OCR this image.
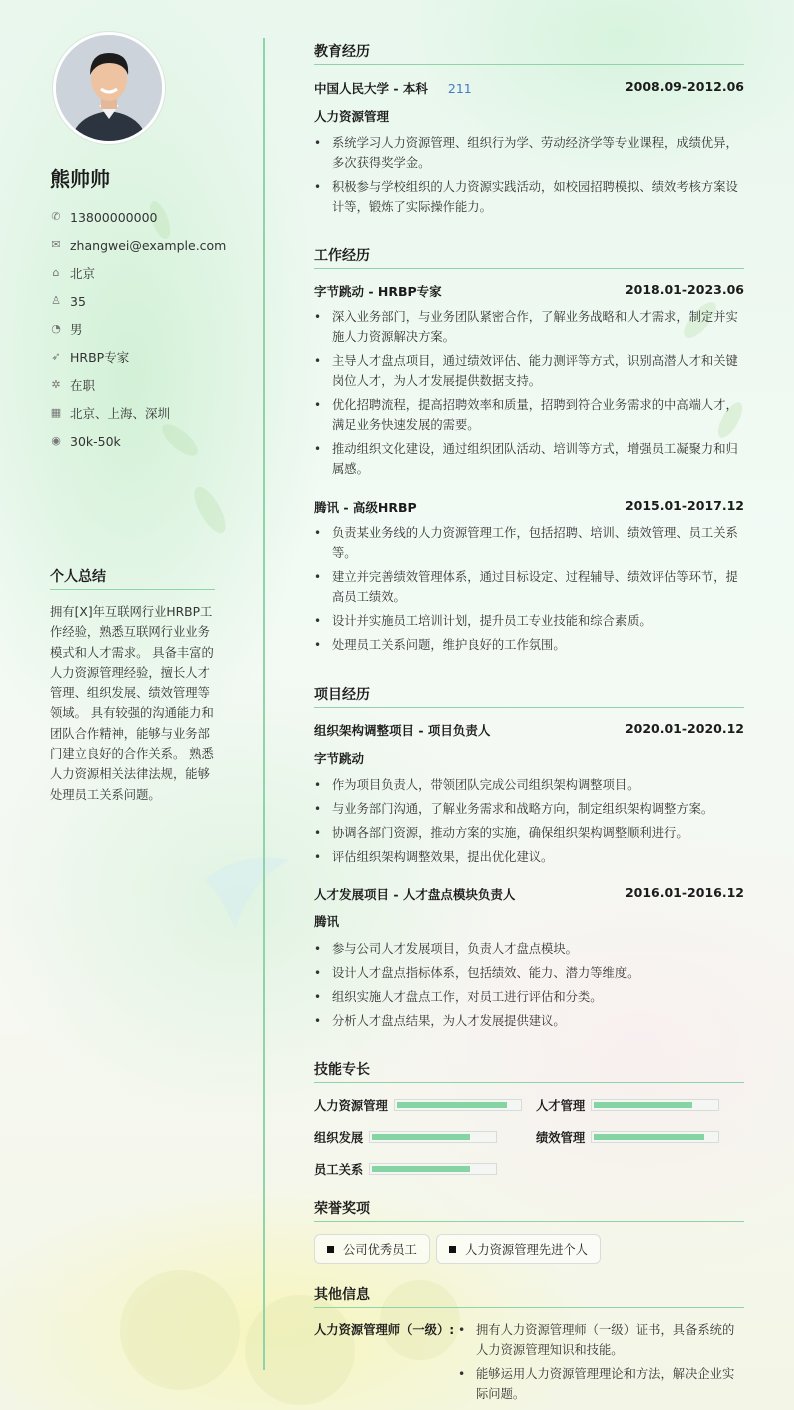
熊帅帅
✆ 13800000000
✉ zhangwei@example.com
⌂ 北京
♙ 35
◔ 男
➶ HRBP专家
✲ 在职
▦ 北京、上海、深圳
◉ 30k-50k
个人总结
拥有[X]年互联网行业HRBP工作经验，熟悉互联网行业业务模式和人才需求。 具备丰富的人力资源管理经验，擅长人才管理、组织发展、绩效管理等领域。 具有较强的沟通能力和团队合作精神，能够与业务部门建立良好的合作关系。 熟悉人力资源相关法律法规，能够处理员工关系问题。
教育经历
中国人民大学 - 本科 211	2008.09-2012.06
人力资源管理
• 系统学习人力资源管理、组织行为学、劳动经济学等专业课程，成绩优异，多次获得奖学金。
• 积极参与学校组织的人力资源实践活动，如校园招聘模拟、绩效考核方案设计等，锻炼了实际操作能力。
工作经历
字节跳动 - HRBP专家	2018.01-2023.06
• 深入业务部门，与业务团队紧密合作，了解业务战略和人才需求，制定并实施人力资源解决方案。
• 主导人才盘点项目，通过绩效评估、能力测评等方式，识别高潜人才和关键岗位人才，为人才发展提供数据支持。
• 优化招聘流程，提高招聘效率和质量，招聘到符合业务需求的中高端人才，满足业务快速发展的需要。
• 推动组织文化建设，通过组织团队活动、培训等方式，增强员工凝聚力和归属感。
腾讯 - 高级HRBP	2015.01-2017.12
• 负责某业务线的人力资源管理工作，包括招聘、培训、绩效管理、员工关系等。
• 建立并完善绩效管理体系，通过目标设定、过程辅导、绩效评估等环节，提高员工绩效。
• 设计并实施员工培训计划，提升员工专业技能和综合素质。
• 处理员工关系问题，维护良好的工作氛围。
项目经历
组织架构调整项目 - 项目负责人	2020.01-2020.12
字节跳动
• 作为项目负责人，带领团队完成公司组织架构调整项目。
• 与业务部门沟通，了解业务需求和战略方向，制定组织架构调整方案。
• 协调各部门资源，推动方案的实施，确保组织架构调整顺利进行。
• 评估组织架构调整效果，提出优化建议。
人才发展项目 - 人才盘点模块负责人	2016.01-2016.12
腾讯
• 参与公司人才发展项目，负责人才盘点模块。
• 设计人才盘点指标体系，包括绩效、能力、潜力等维度。
• 组织实施人才盘点工作，对员工进行评估和分类。
• 分析人才盘点结果，为人才发展提供建议。
技能专长
人力资源管理	人才管理
组织发展	绩效管理
员工关系
荣誉奖项
公司优秀员工	人力资源管理先进个人
其他信息
人力资源管理师（一级）:
•	拥有人力资源管理师（一级）证书，具备系统的人力资源管理知识和技能。
• 能够运用人力资源管理理论和方法，解决企业实际问题。
